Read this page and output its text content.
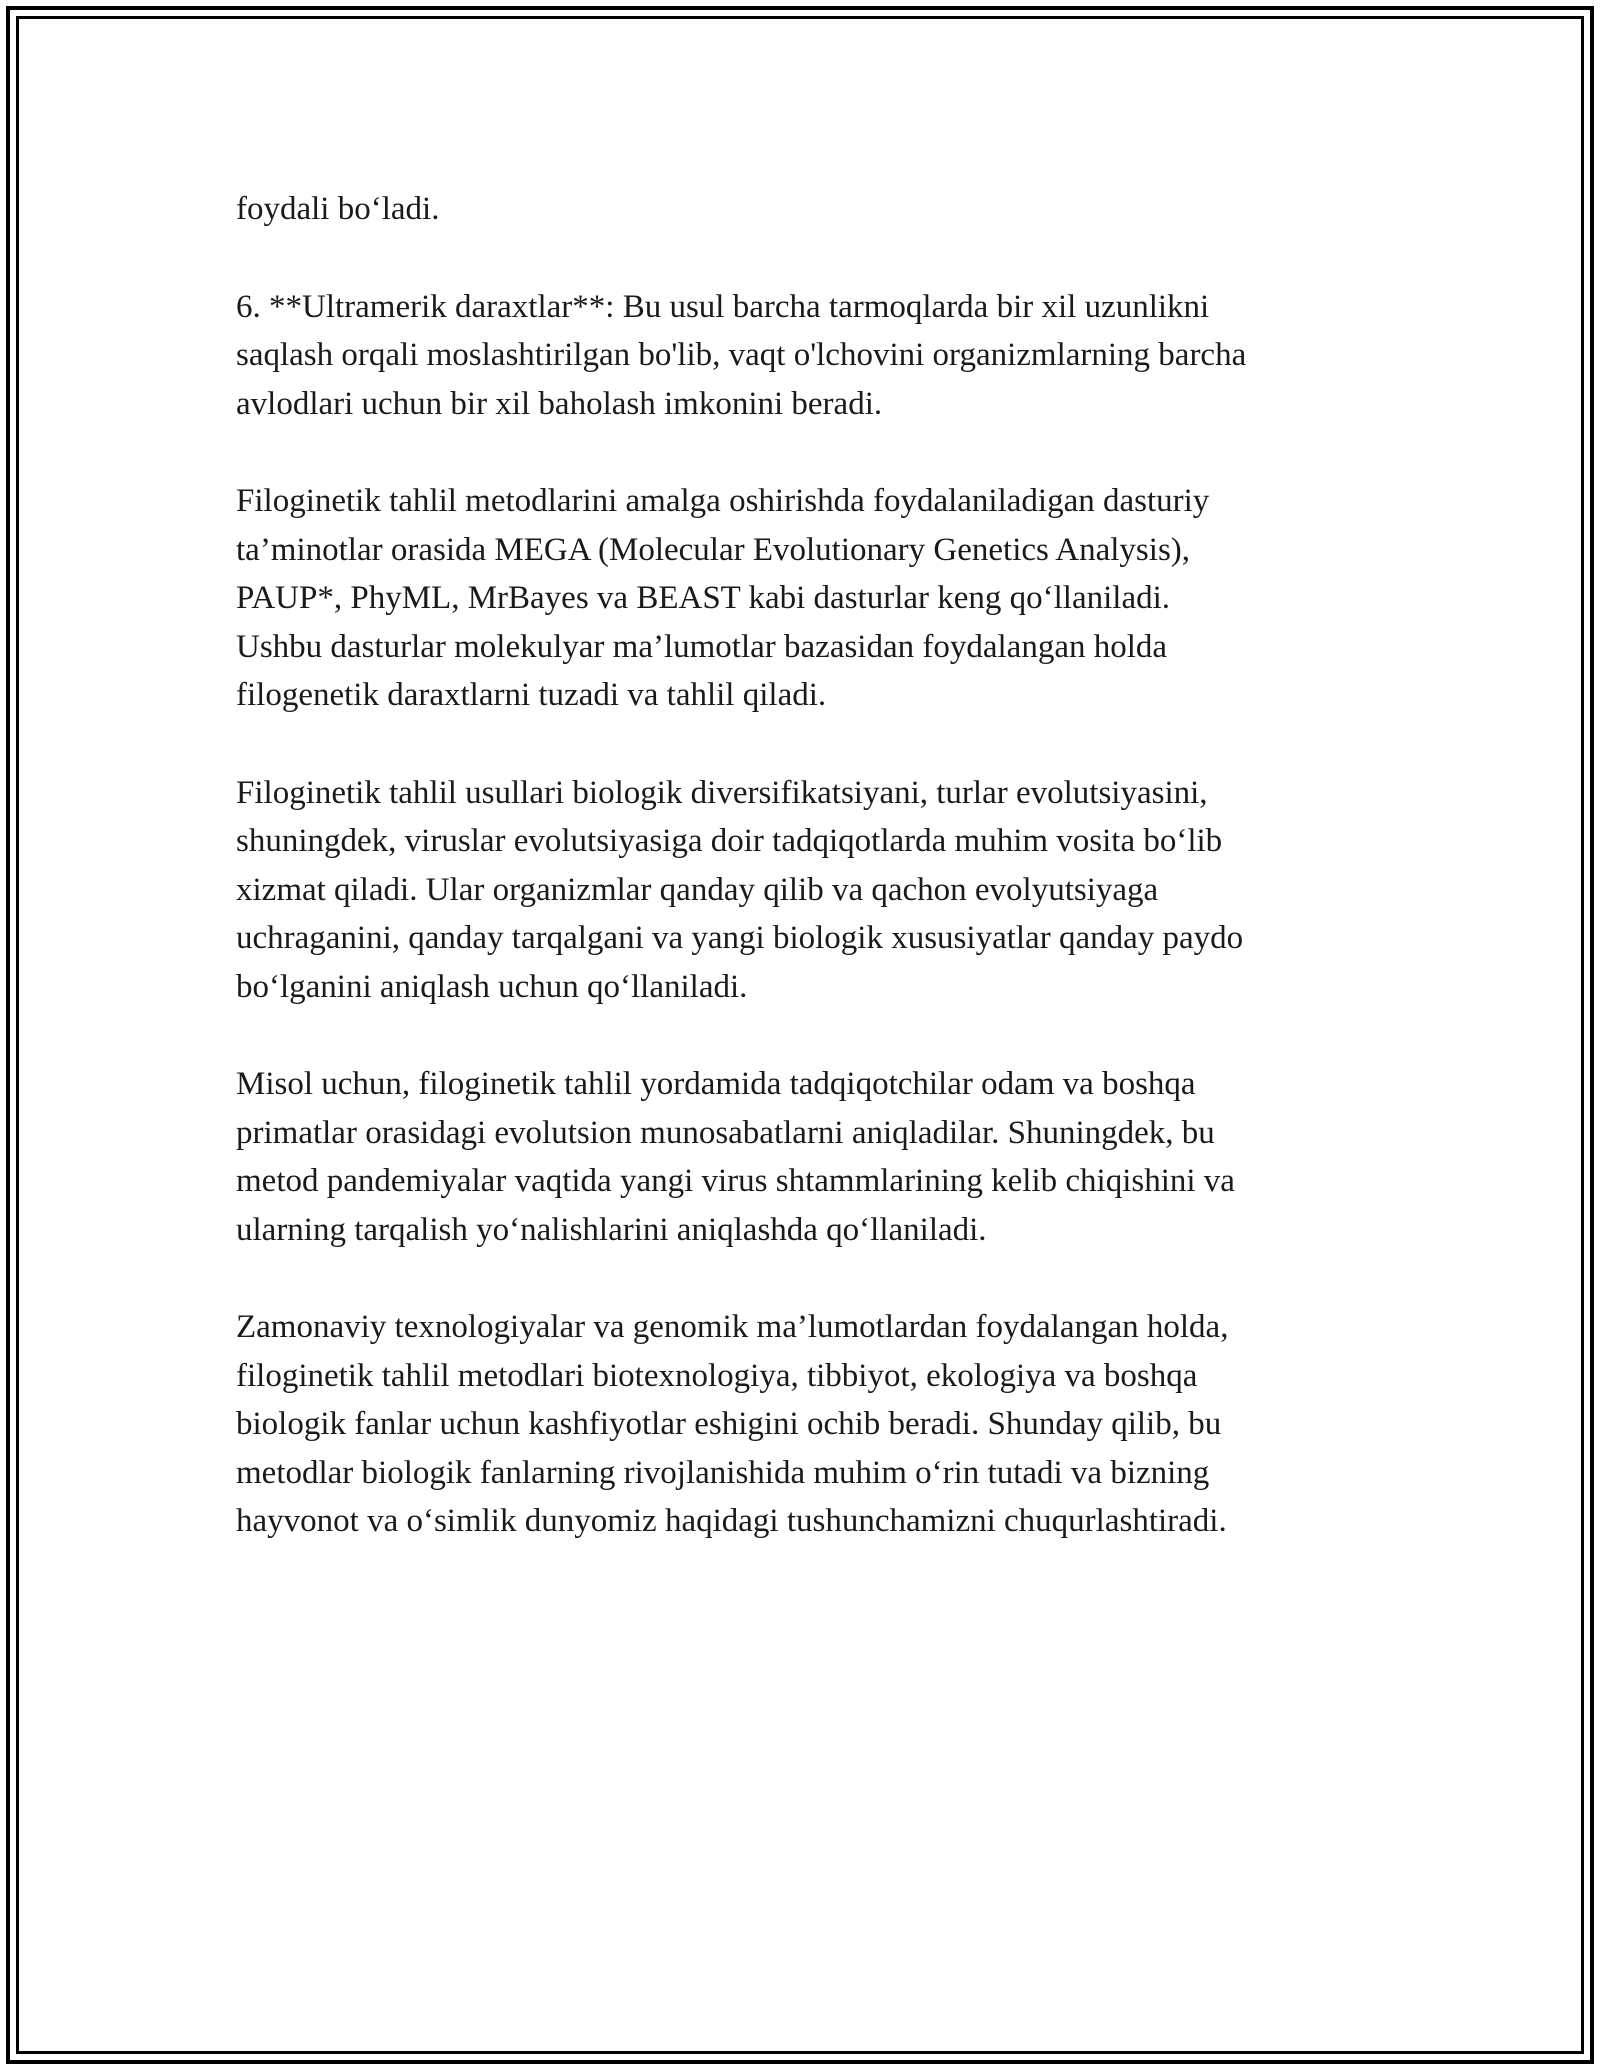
foydali bo‘ladi.

6. **Ultramerik daraxtlar**: Bu usul barcha tarmoqlarda bir xil uzunlikni
saqlash orqali moslashtirilgan bo'lib, vaqt o'lchovini organizmlarning barcha
avlodlari uchun bir xil baholash imkonini beradi.

Filoginetik tahlil metodlarini amalga oshirishda foydalaniladigan dasturiy
ta’minotlar orasida MEGA (Molecular Evolutionary Genetics Analysis),
PAUP*, PhyML, MrBayes va BEAST kabi dasturlar keng qo‘llaniladi.
Ushbu dasturlar molekulyar ma’lumotlar bazasidan foydalangan holda
filogenetik daraxtlarni tuzadi va tahlil qiladi.

Filoginetik tahlil usullari biologik diversifikatsiyani, turlar evolutsiyasini,
shuningdek, viruslar evolutsiyasiga doir tadqiqotlarda muhim vosita bo‘lib
xizmat qiladi. Ular organizmlar qanday qilib va qachon evolyutsiyaga
uchraganini, qanday tarqalgani va yangi biologik xususiyatlar qanday paydo
bo‘lganini aniqlash uchun qo‘llaniladi.

Misol uchun, filoginetik tahlil yordamida tadqiqotchilar odam va boshqa
primatlar orasidagi evolutsion munosabatlarni aniqladilar. Shuningdek, bu
metod pandemiyalar vaqtida yangi virus shtammlarining kelib chiqishini va
ularning tarqalish yo‘nalishlarini aniqlashda qo‘llaniladi.

Zamonaviy texnologiyalar va genomik ma’lumotlardan foydalangan holda,
filoginetik tahlil metodlari biotexnologiya, tibbiyot, ekologiya va boshqa
biologik fanlar uchun kashfiyotlar eshigini ochib beradi. Shunday qilib, bu
metodlar biologik fanlarning rivojlanishida muhim o‘rin tutadi va bizning
hayvonot va o‘simlik dunyomiz haqidagi tushunchamizni chuqurlashtiradi.
